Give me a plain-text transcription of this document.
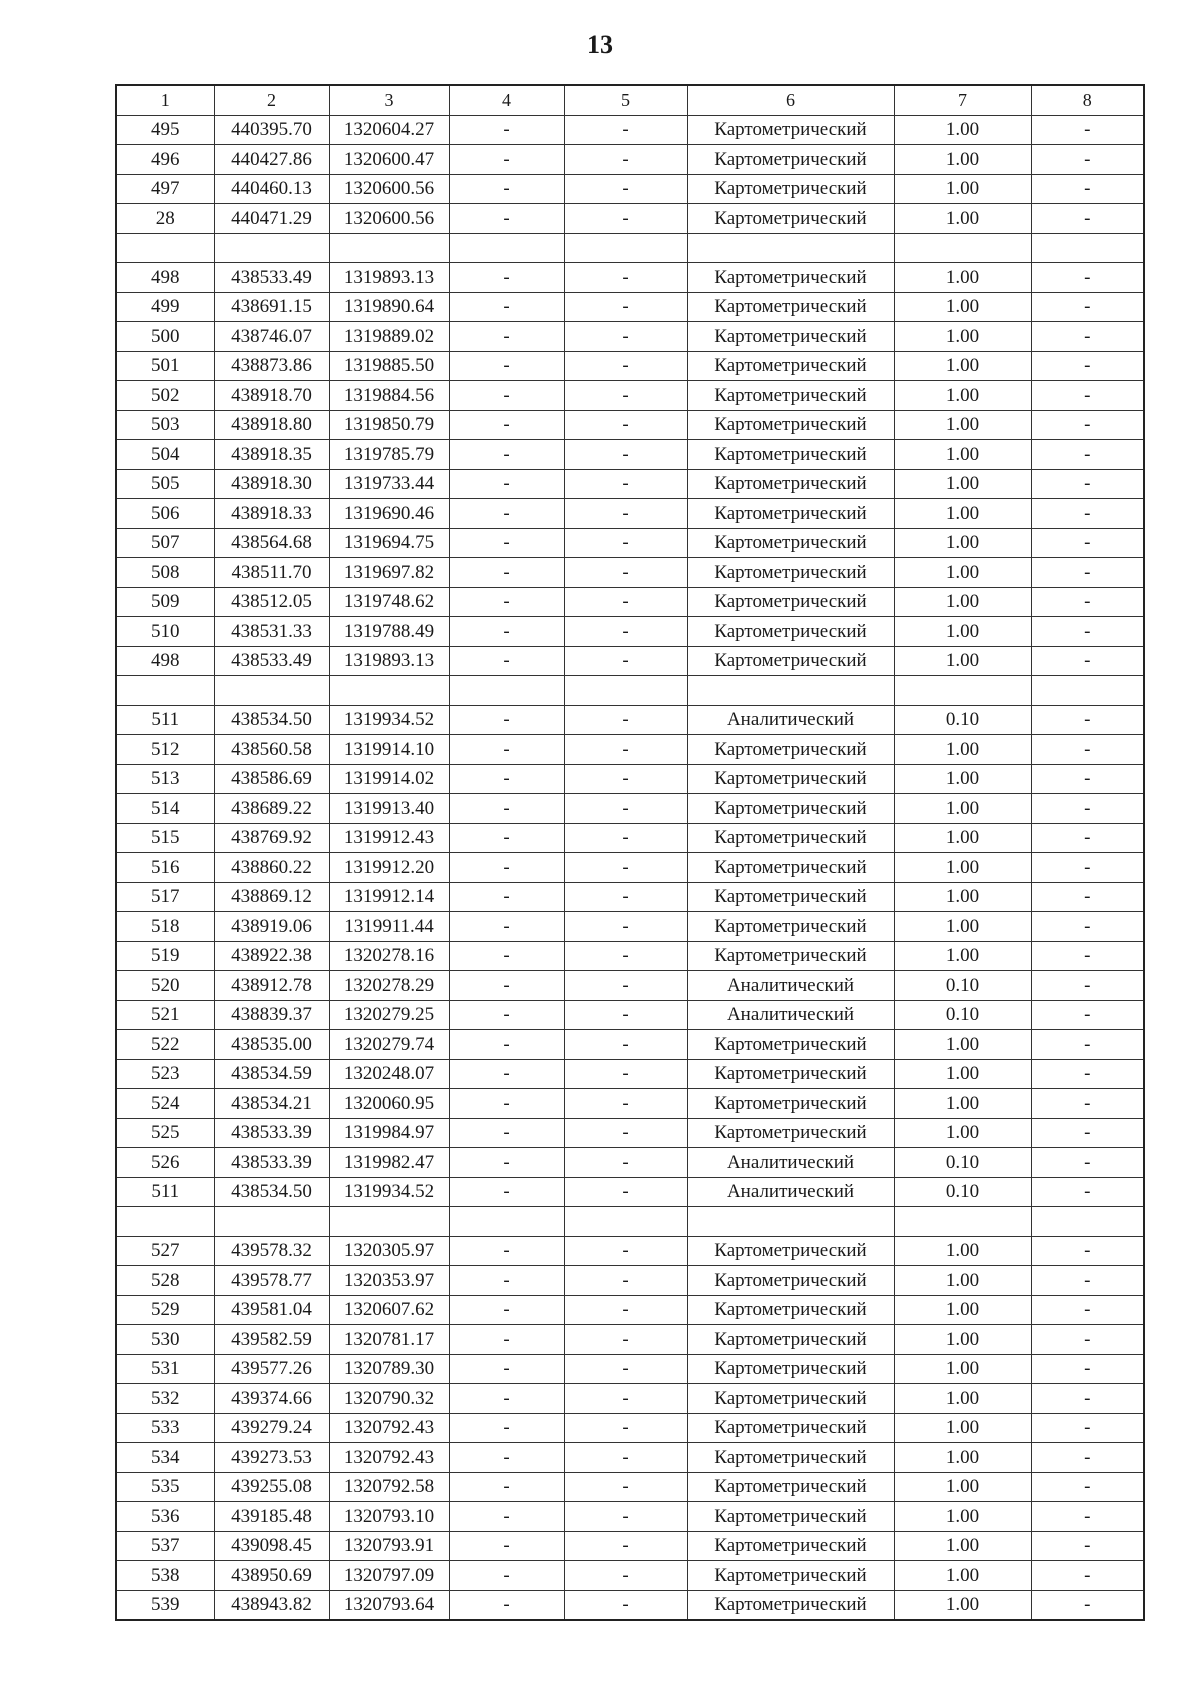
13
1	2	3	4	5	6	7	8
495	440395.70	1320604.27	-	-	Картометрический	1.00	-
496	440427.86	1320600.47	-	-	Картометрический	1.00	-
497	440460.13	1320600.56	-	-	Картометрический	1.00	-
28	440471.29	1320600.56	-	-	Картометрический	1.00	-

498	438533.49	1319893.13	-	-	Картометрический	1.00	-
499	438691.15	1319890.64	-	-	Картометрический	1.00	-
500	438746.07	1319889.02	-	-	Картометрический	1.00	-
501	438873.86	1319885.50	-	-	Картометрический	1.00	-
502	438918.70	1319884.56	-	-	Картометрический	1.00	-
503	438918.80	1319850.79	-	-	Картометрический	1.00	-
504	438918.35	1319785.79	-	-	Картометрический	1.00	-
505	438918.30	1319733.44	-	-	Картометрический	1.00	-
506	438918.33	1319690.46	-	-	Картометрический	1.00	-
507	438564.68	1319694.75	-	-	Картометрический	1.00	-
508	438511.70	1319697.82	-	-	Картометрический	1.00	-
509	438512.05	1319748.62	-	-	Картометрический	1.00	-
510	438531.33	1319788.49	-	-	Картометрический	1.00	-
498	438533.49	1319893.13	-	-	Картометрический	1.00	-

511	438534.50	1319934.52	-	-	Аналитический	0.10	-
512	438560.58	1319914.10	-	-	Картометрический	1.00	-
513	438586.69	1319914.02	-	-	Картометрический	1.00	-
514	438689.22	1319913.40	-	-	Картометрический	1.00	-
515	438769.92	1319912.43	-	-	Картометрический	1.00	-
516	438860.22	1319912.20	-	-	Картометрический	1.00	-
517	438869.12	1319912.14	-	-	Картометрический	1.00	-
518	438919.06	1319911.44	-	-	Картометрический	1.00	-
519	438922.38	1320278.16	-	-	Картометрический	1.00	-
520	438912.78	1320278.29	-	-	Аналитический	0.10	-
521	438839.37	1320279.25	-	-	Аналитический	0.10	-
522	438535.00	1320279.74	-	-	Картометрический	1.00	-
523	438534.59	1320248.07	-	-	Картометрический	1.00	-
524	438534.21	1320060.95	-	-	Картометрический	1.00	-
525	438533.39	1319984.97	-	-	Картометрический	1.00	-
526	438533.39	1319982.47	-	-	Аналитический	0.10	-
511	438534.50	1319934.52	-	-	Аналитический	0.10	-

527	439578.32	1320305.97	-	-	Картометрический	1.00	-
528	439578.77	1320353.97	-	-	Картометрический	1.00	-
529	439581.04	1320607.62	-	-	Картометрический	1.00	-
530	439582.59	1320781.17	-	-	Картометрический	1.00	-
531	439577.26	1320789.30	-	-	Картометрический	1.00	-
532	439374.66	1320790.32	-	-	Картометрический	1.00	-
533	439279.24	1320792.43	-	-	Картометрический	1.00	-
534	439273.53	1320792.43	-	-	Картометрический	1.00	-
535	439255.08	1320792.58	-	-	Картометрический	1.00	-
536	439185.48	1320793.10	-	-	Картометрический	1.00	-
537	439098.45	1320793.91	-	-	Картометрический	1.00	-
538	438950.69	1320797.09	-	-	Картометрический	1.00	-
539	438943.82	1320793.64	-	-	Картометрический	1.00	-
